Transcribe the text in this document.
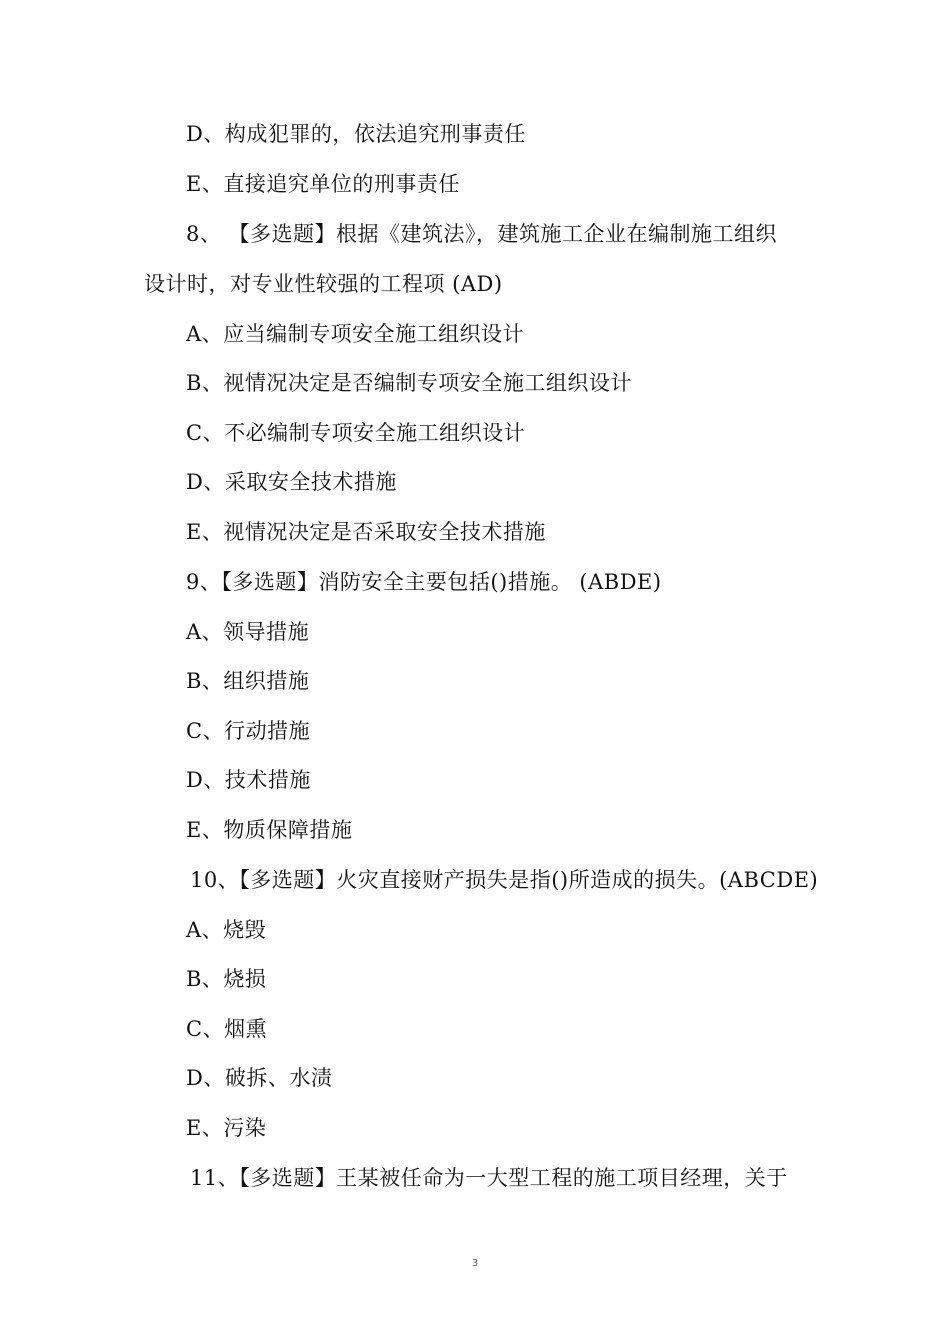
D、构成犯罪的，依法追究刑事责任
E、直接追究单位的刑事责任
8、 【多选题】根据《建筑法》，建筑施工企业在编制施工组织
设计时，对专业性较强的工程项 (AD)
A、应当编制专项安全施工组织设计
B、视情况决定是否编制专项安全施工组织设计
C、不必编制专项安全施工组织设计
D、采取安全技术措施
E、视情况决定是否采取安全技术措施
9、【多选题】消防安全主要包括()措施。 (ABDE)
A、领导措施
B、组织措施
C、行动措施
D、技术措施
E、物质保障措施
10、【多选题】火灾直接财产损失是指()所造成的损失。(ABCDE)
A、烧毁
B、烧损
C、烟熏
D、破拆、水渍
E、污染
11、【多选题】王某被任命为一大型工程的施工项目经理，关于
3
